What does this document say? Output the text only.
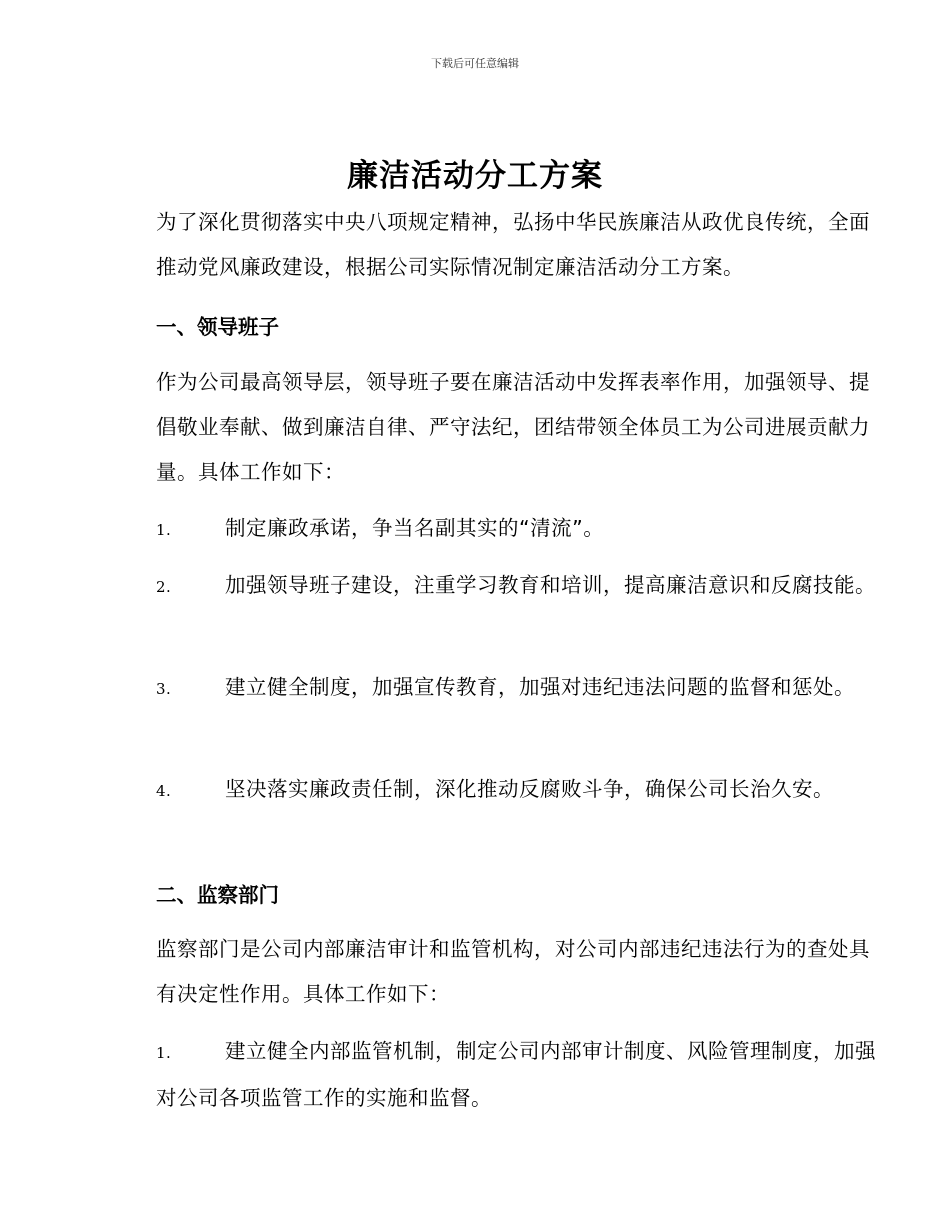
下载后可任意编辑
廉洁活动分工方案
为了深化贯彻落实中央八项规定精神，弘扬中华民族廉洁从政优良传统，全面推动党风廉政建设，根据公司实际情况制定廉洁活动分工方案。
一、领导班子
作为公司最高领导层，领导班子要在廉洁活动中发挥表率作用，加强领导、提倡敬业奉献、做到廉洁自律、严守法纪，团结带领全体员工为公司进展贡献力量。具体工作如下：
1.	制定廉政承诺，争当名副其实的“清流”。
2.	加强领导班子建设，注重学习教育和培训，提高廉洁意识和反腐技能。
3.	建立健全制度，加强宣传教育，加强对违纪违法问题的监督和惩处。
4.	坚决落实廉政责任制，深化推动反腐败斗争，确保公司长治久安。
二、监察部门
监察部门是公司内部廉洁审计和监管机构，对公司内部违纪违法行为的查处具有决定性作用。具体工作如下：
1.	建立健全内部监管机制，制定公司内部审计制度、风险管理制度，加强对公司各项监管工作的实施和监督。
